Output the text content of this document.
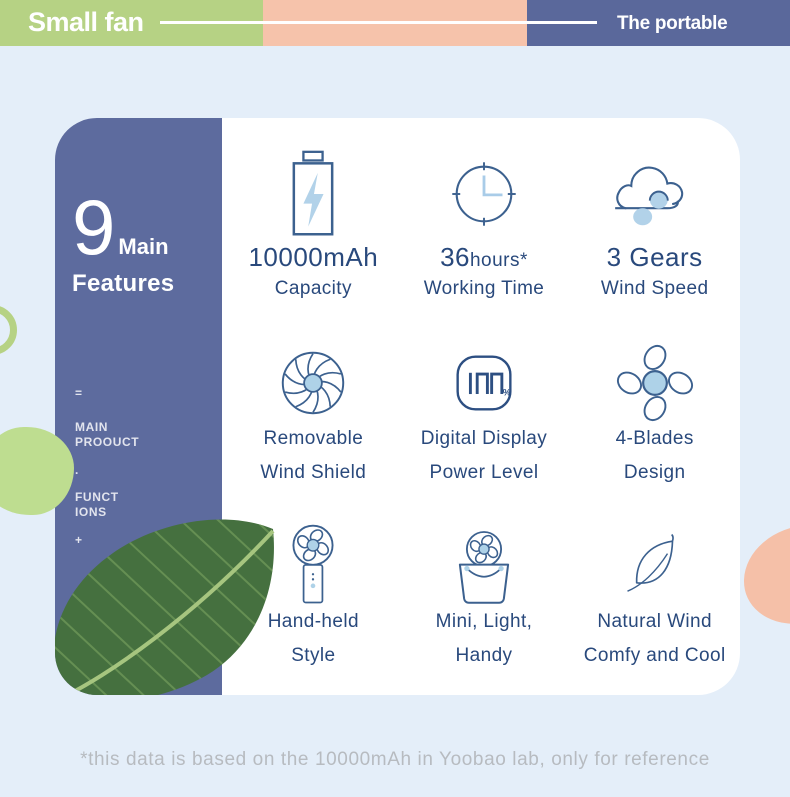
Small fan	The portable
9 Main
Features
=
MAIN
PROOUCT
.
FUNCT
IONS
+
10000mAh
Capacity
36hours*
Working Time
3 Gears
Wind Speed
Removable
Wind Shield
%
Digital Display
Power Level
4-Blades
Design
Hand-held
Style
Mini, Light,
Handy
Natural Wind
Comfy and Cool
*this data is based on the 10000mAh in Yoobao lab, only for reference
